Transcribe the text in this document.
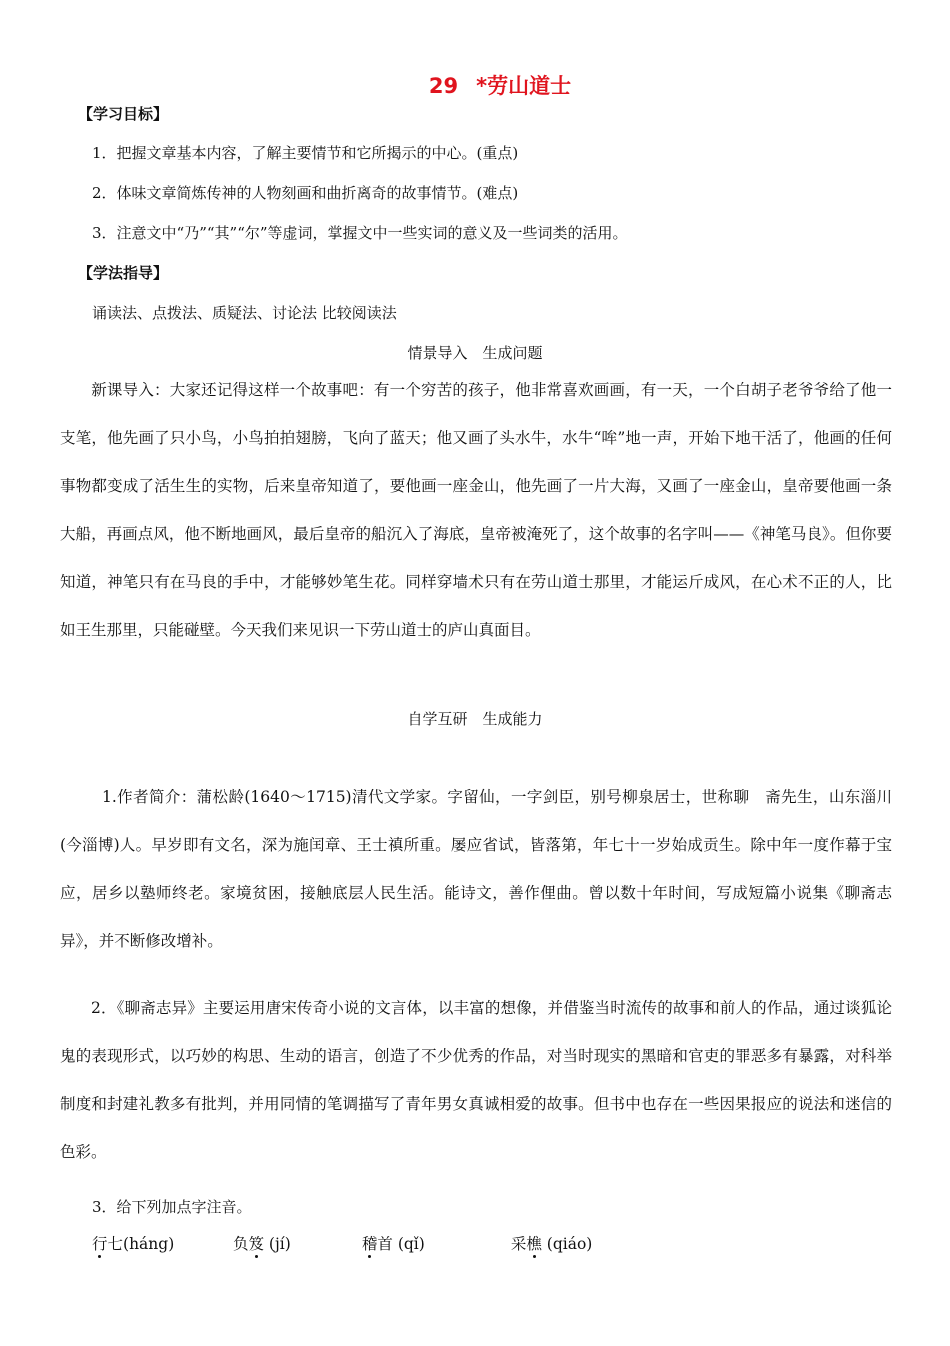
29 *劳山道士
【学习目标】
1．把握文章基本内容，了解主要情节和它所揭示的中心。(重点)
2．体味文章简炼传神的人物刻画和曲折离奇的故事情节。(难点)
3．注意文中“乃”“其”“尔”等虚词，掌握文中一些实词的意义及一些词类的活用。
【学法指导】
诵读法、点拨法、质疑法、讨论法 比较阅读法
情景导入　生成问题
新课导入：大家还记得这样一个故事吧：有一个穷苦的孩子，他非常喜欢画画，有一天，一个白胡子老爷爷给了他一支笔，他先画了只小鸟，小鸟拍拍翅膀，飞向了蓝天；他又画了头水牛，水牛“哞”地一声，开始下地干活了，他画的任何事物都变成了活生生的实物，后来皇帝知道了，要他画一座金山，他先画了一片大海，又画了一座金山，皇帝要他画一条大船，再画点风，他不断地画风，最后皇帝的船沉入了海底，皇帝被淹死了，这个故事的名字叫——《神笔马良》。但你要知道，神笔只有在马良的手中，才能够妙笔生花。同样穿墙术只有在劳山道士那里，才能运斤成风，在心术不正的人，比如王生那里，只能碰壁。今天我们来见识一下劳山道士的庐山真面目。
自学互研　生成能力
1.作者简介：蒲松龄(1640～1715)清代文学家。字留仙，一字剑臣，别号柳泉居士，世称聊　斋先生，山东淄川(今淄博)人。早岁即有文名，深为施闰章、王士禛所重。屡应省试，皆落第，年七十一岁始成贡生。除中年一度作幕于宝应，居乡以塾师终老。家境贫困，接触底层人民生活。能诗文，善作俚曲。曾以数十年时间，写成短篇小说集《聊斋志异》，并不断修改增补。
2．《聊斋志异》主要运用唐宋传奇小说的文言体，以丰富的想像，并借鉴当时流传的故事和前人的作品，通过谈狐论鬼的表现形式，以巧妙的构思、生动的语言，创造了不少优秀的作品，对当时现实的黑暗和官吏的罪恶多有暴露，对科举制度和封建礼教多有批判，并用同情的笔调描写了青年男女真诚相爱的故事。但书中也存在一些因果报应的说法和迷信的色彩。
3．给下列加点字注音。
行七(háng)	负笈 (jí)	稽首 (qǐ)	采樵 (qiáo)
